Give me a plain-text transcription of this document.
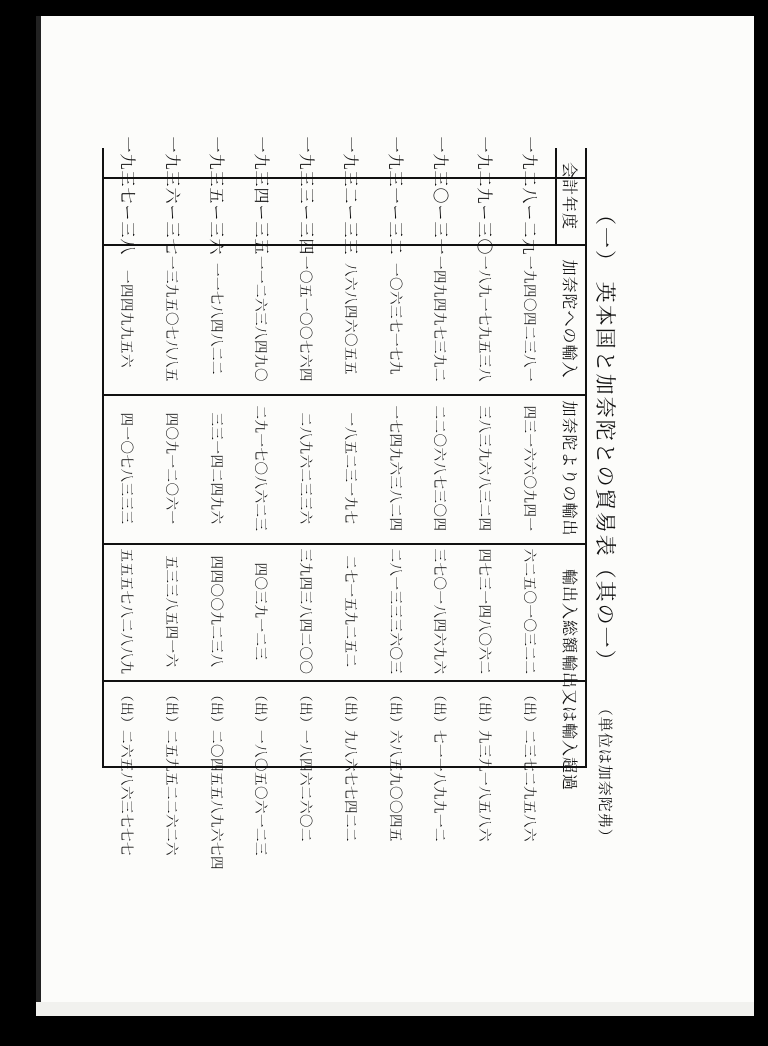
（一） 英本国と加奈陀との貿易表（其の一）
（単位は加奈陀弗）
会計年度
加奈陀への輸入
加奈陀よりの輸出
輸出入総額
輸出又は輸入超過
一九二八ー二九
一九四〇四二三八一
四三一六六〇九四一
六二五〇一〇三二二
（出）二三七二九五八六
一九二九ー三〇
一八九一七九五三八
三八三九六八三二四
四七三一四八〇六二
（出）九三九一八五八六
一九三〇ー三一
一四九四九七三九二
二二〇六八七三〇四
三七〇一八四六九六
（出）七一一八九九一二
一九三一ー三二
一〇六三七一七九
一七四九六三八二四
二八一三三三六〇三
（出）六八五九〇〇四五
一九三二ー三三
八六八四六〇五五
一八五二三一九七
二七一五九二五二
（出）九八六七七四二二
一九三三ー三四
一〇五一〇〇七六四
二八九六二三三六
三九四三八四二〇〇
（出）一八四六二六〇二
一九三四ー三五
一一二六三八四九〇
二九一七〇八六二三
四〇三九一二三
一九三五ー三六
一一七八四八二二
三三一四二四九六
四四〇〇九二三八
一九三六ー三七
一三九五〇七八八五
四〇九一二〇六一
五三三八五四一六
一九三七ー三八
一四四九九五六
四一〇七八三三三
五五五七八二八八九
